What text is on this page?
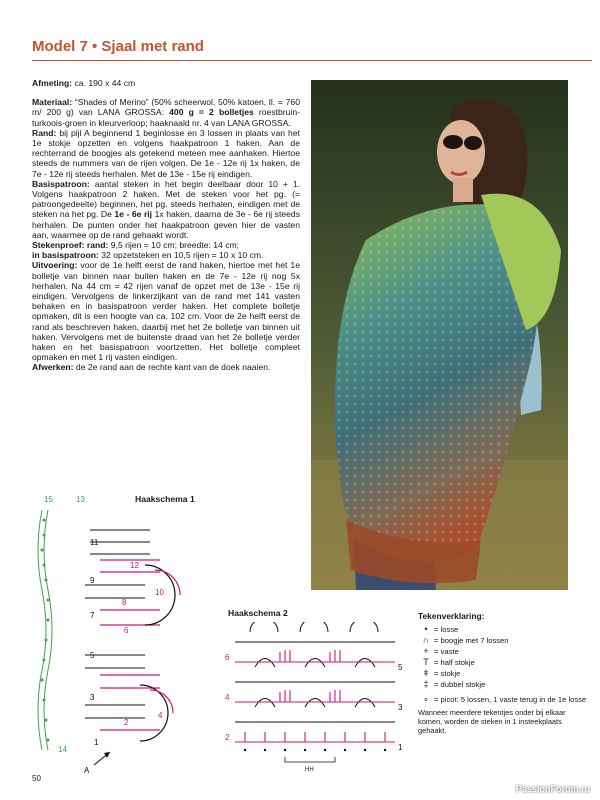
Model 7 • Sjaal met rand

Afmeting: ca. 190 x 44 cm

Materiaal: “Shades of Merino” (50% scheerwol, 50% katoen, ll. = 760 m/ 200 g) van LANA GROSSA: 400 g = 2 bolletjes roestbruin-turkoois-groen in kleurverloop; haaknaald nr. 4 van LANA GROSSA.

Rand: bij pijl A beginnend 1 beginlosse en 3 lossen in plaats van het 1e stokje opzetten en volgens haakpatroon 1 haken. Aan de rechterrand de boogjes als getekend meteen mee aanhaken. Hiertoe steeds de nummers van de rijen volgen. De 1e - 12e rij 1x haken, de 7e - 12e rij steeds herhalen. Met de 13e - 15e rij eindigen.

Basispatroon: aantal steken in het begin deelbaar door 10 + 1. Volgens haakpatroon 2 haken. Met de steken voor het pg. (= patroongedeelte) beginnen, het pg. steeds herhalen, eindigen met de steken na het pg. De 1e - 6e rij 1x haken, daarna de 3e - 6e rij steeds herhalen. De punten onder het haakpatroon geven hier de vasten aan, waarmee op de rand gehaakt wordt.

Stekenproef: rand: 9,5 rijen = 10 cm; breedte: 14 cm;
in basispatroon: 32 opzetsteken en 10,5 rijen = 10 x 10 cm.

Uitvoering: voor de 1e helft eerst de rand haken, hiertoe met het 1e bolletje van binnen naar buiten haken en de 7e - 12e rij nog 5x herhalen. Na 44 cm = 42 rijen vanaf de opzet met de 13e - 15e rij eindigen. Vervolgens de linkerzijkant van de rand met 141 vasten behaken en in basispatroon verder haken. Het complete bolletje opmaken, dit is een hoogte van ca. 102 cm. Voor de 2e helft eerst de rand als beschreven haken, daarbij met het 2e bolletje van binnen uit haken. Vervolgens met de buitenste draad van het 2e bolletje verder haken en het basispatroon voortzetten. Het bolletje compleet opmaken en met 1 rij vasten eindigen.

Afwerken: de 2e rand aan de rechte kant van de doek naaien.

Haakschema 1
15	13
14
11
9
7
5
3
1
12
10
8
6
4
2
A
Haakschema 2
6
4
2
5
3
1
HH
Tekenverklaring:
• = losse
∩ = boogje met 7 lossen
+ = vaste
T = half stokje
ǂ = stokje
‡ = dubbel stokje
∘ = picot: 5 lossen, 1 vaste terug in de 1e losse
Wanneer meerdere tekentjes onder bij elkaar komen, worden de steken in 1 insteekplaats gehaakt.
50
PassionForum.ru
